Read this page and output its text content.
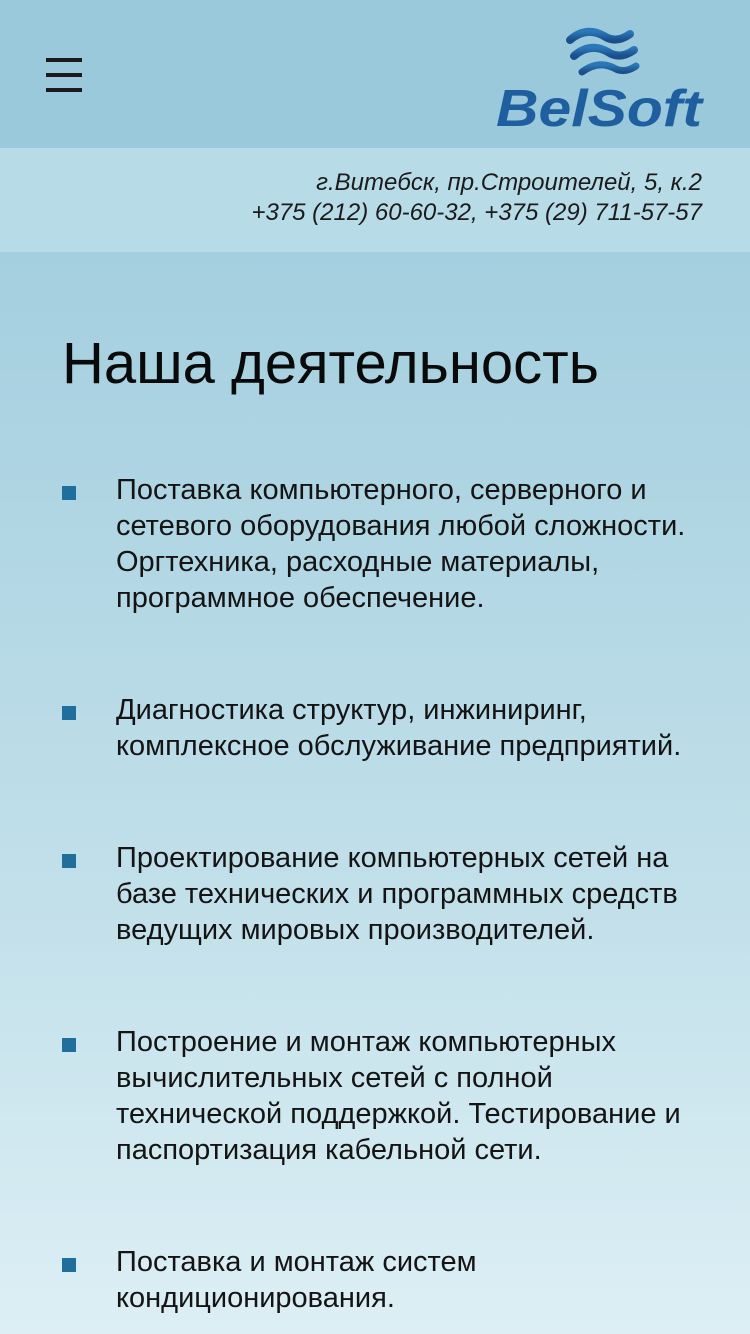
BelSoft
г.Витебск, пр.Строителей, 5, к.2
+375 (212) 60-60-32, +375 (29) 711-57-57
Наша деятельность
Поставка компьютерного, серверного и сетевого оборудования любой сложности. Оргтехника, расходные материалы, программное обеспечение.
Диагностика структур, инжиниринг, комплексное обслуживание предприятий.
Проектирование компьютерных сетей на базе технических и программных средств ведущих мировых производителей.
Построение и монтаж компьютерных вычислительных сетей с полной технической поддержкой. Тестирование и паспортизация кабельной сети.
Поставка и монтаж систем кондиционирования.
